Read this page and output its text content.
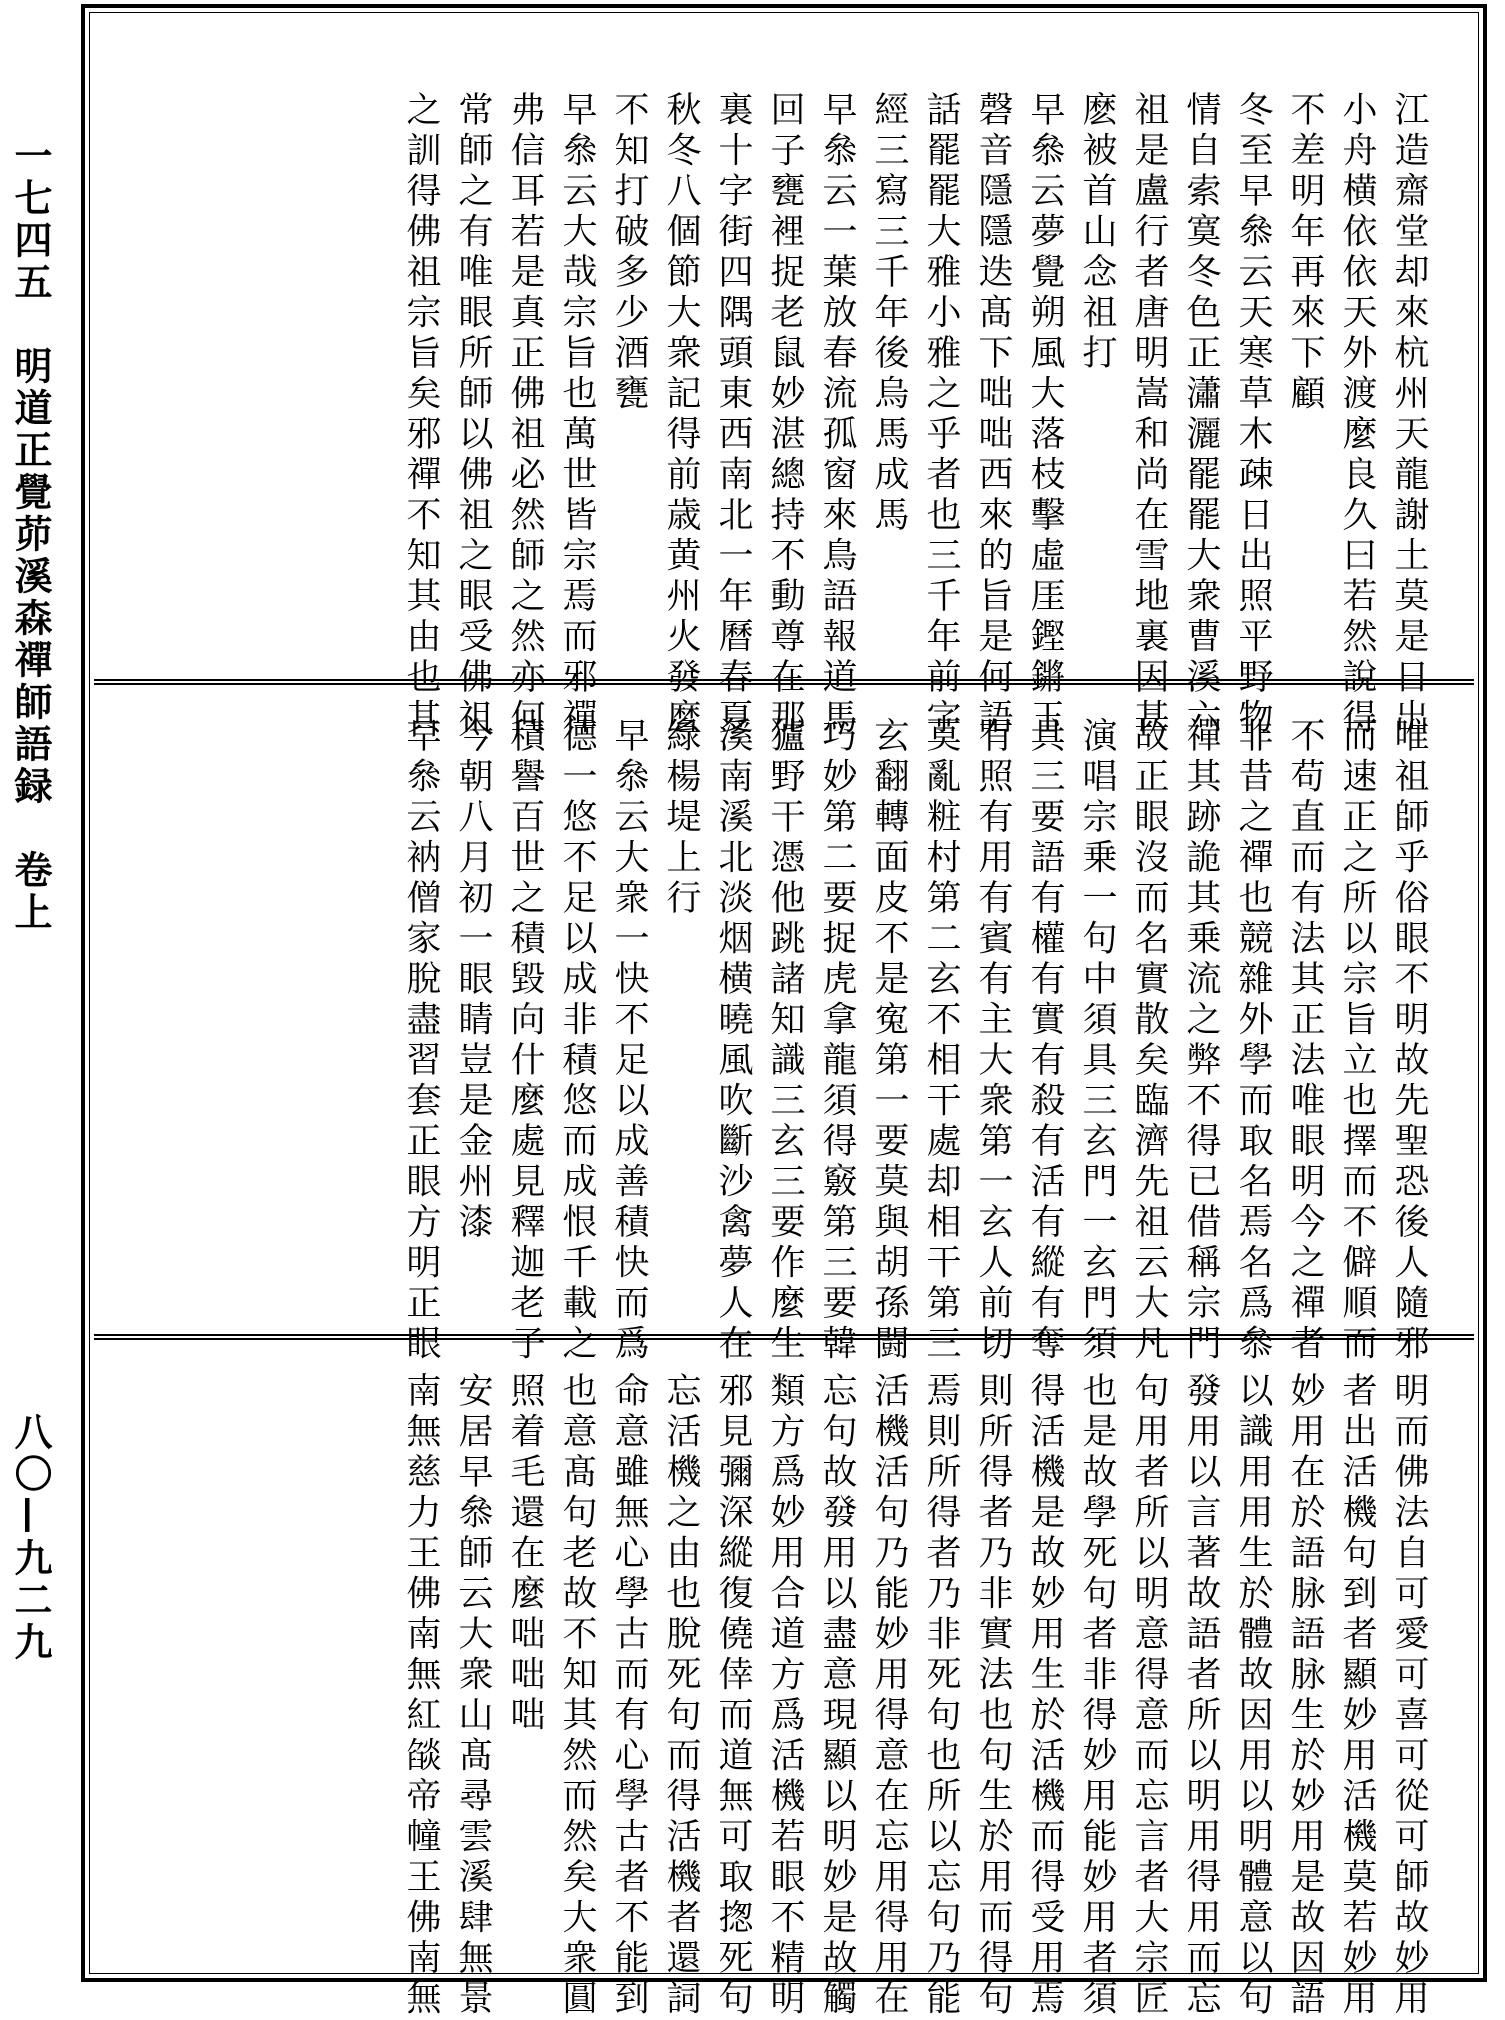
一七四五　明道正覺茆溪森禪師語録　卷上
八〇—九二九
江造齋堂却來杭州天龍謝土莫是日出
小舟横依依天外渡麼良久曰若然說得
不差明年再來下顧
冬至早叅云天寒草木疎日出照平野物
情自索寞冬色正瀟灑罷罷大衆曹溪六
祖是盧行者唐明嵩和尚在雪地裏因甚
麽被首山念祖打
早叅云夢覺朔風大落枝擊虛厓鏗鏘玉
磬音隱隱迭髙下咄咄西來的旨是何語
話罷罷大雅小雅之乎者也三千年前字
經三寫三千年後烏馬成馬
早叅云一葉放春流孤窗來鳥語報道馬
回子甕裡捉老鼠妙湛總持不動尊在那
裏十字街四隅頭東西南北一年曆春夏
秋冬八個節大衆記得前歳黄州火發麼
不知打破多少酒甕
早叅云大哉宗旨也萬世皆宗焉而邪禪
弗信耳若是真正佛祖必然師之然亦何
常師之有唯眼所師以佛祖之眼受佛祖
之訓得佛祖宗旨矣邪禪不知其由也其
唯祖師乎俗眼不明故先聖恐後人隨邪
而速正之所以宗旨立也擇而不僻順而
不苟直而有法其正法唯眼明今之禪者
非昔之禪也競雜外學而取名焉名爲叅
禪其跡詭其乗流之弊不得已借稱宗門
故正眼沒而名實散矣臨濟先祖云大凡
演唱宗乗一句中須具三玄門一玄門須
具三要語有權有實有殺有活有縱有奪
有照有用有賓有主大衆第一玄人前切
莫亂粧村第二玄不相干處却相干第三
玄翻轉面皮不是寃第一要莫與胡孫闘
巧妙第二要捉虎拿龍須得竅第三要韓
獹野干憑他跳諸知識三玄三要作麼生
溪南溪北淡烟横曉風吹斷沙禽夢人在
緑楊堤上行
早叅云大衆一快不足以成善積快而爲
德一悠不足以成非積悠而成恨千載之
積譽百世之積毀向什麼處見釋迦老子
今朝八月初一眼睛豈是金州漆
早叅云衲僧家脫盡習套正眼方明正眼
明而佛法自可愛可喜可從可師故妙用
者出活機句到者顯妙用活機莫若妙用
妙用在於語脉語脉生於妙用是故因語
以識用用生於體故因用以明體意以句
發用以言著故語者所以明用得用而忘
句用者所以明意得意而忘言者大宗匠
也是故學死句者非得妙用能妙用者須
得活機是故妙用生於活機而得受用焉
則所得者乃非實法也句生於用而得句
焉則所得者乃非死句也所以忘句乃能
活機活句乃能妙用得意在忘用得用在
忘句故發用以盡意現顯以明妙是故觸
類方爲妙用合道方爲活機若眼不精明
邪見彌深縱復僥倖而道無可取揔死句
忘活機之由也脫死句而得活機者還詞
命意雖無心學古而有心學古者不能到
也意髙句老故不知其然而然矣大衆圓
照着毛還在麼咄咄咄
安居早叅師云大衆山髙尋雲溪肆無景
南無慈力王佛南無紅燄帝幢王佛南無
